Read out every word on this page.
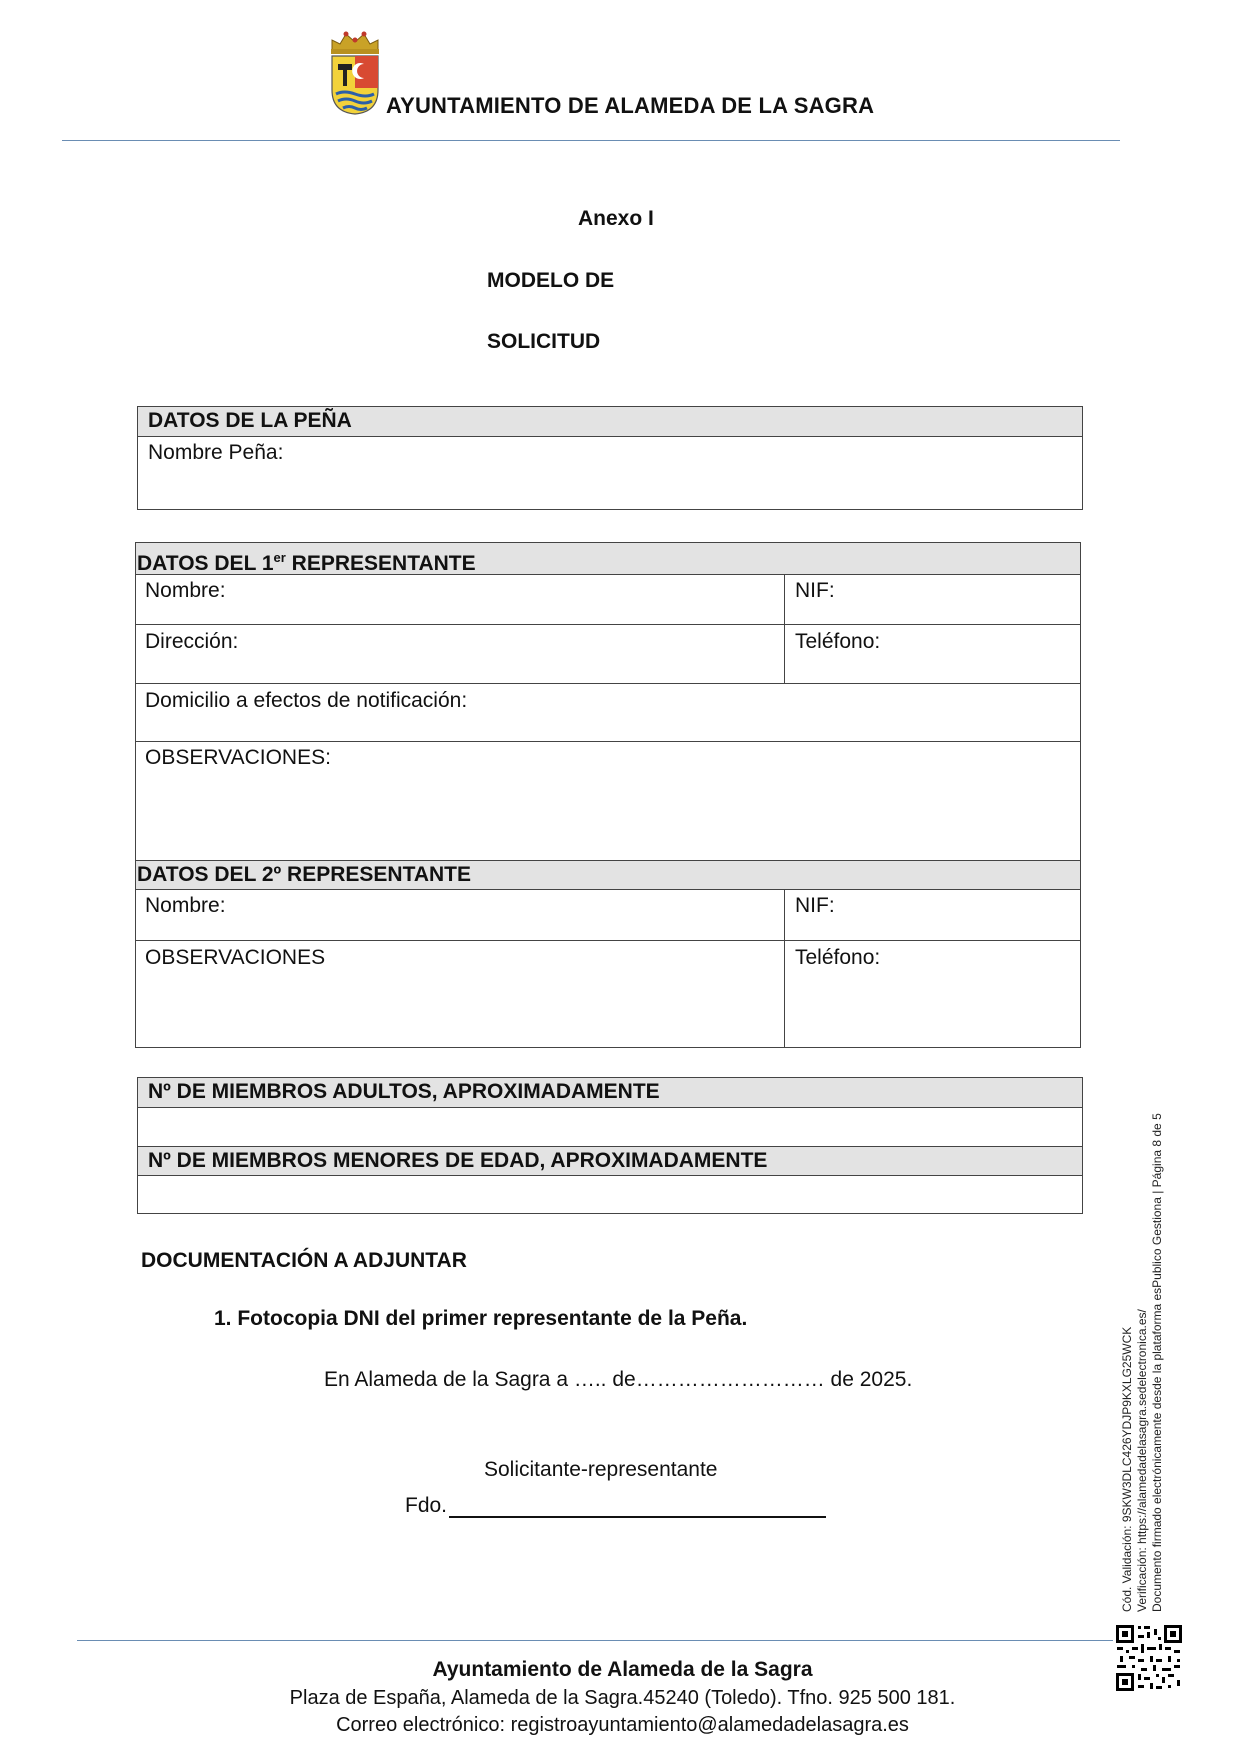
AYUNTAMIENTO DE ALAMEDA DE LA SAGRA
Anexo I
MODELO DE
SOLICITUD
DATOS DE LA PEÑA
Nombre Peña:
DATOS DEL 1er REPRESENTANTE
Nombre:	NIF:
Dirección:	Teléfono:
Domicilio a efectos de notificación:
OBSERVACIONES:
DATOS DEL 2º REPRESENTANTE
Nombre:	NIF:
OBSERVACIONES	Teléfono:
Nº DE MIEMBROS ADULTOS, APROXIMADAMENTE
Nº DE MIEMBROS MENORES DE EDAD, APROXIMADAMENTE
DOCUMENTACIÓN A ADJUNTAR
1. Fotocopia DNI del primer representante de la Peña.
En Alameda de la Sagra a ….. de……………………… de 2025.
Solicitante-representante
Fdo.	Cód. Validación: 9SKW3DLC426YDJP9KXLG25WCK Verificación: https://alamedadelasagra.sedelectronica.es/ Documento firmado electrónicamente desde la plataforma esPublico Gestiona | Página 8 de 5
Ayuntamiento de Alameda de la Sagra
Plaza de España, Alameda de la Sagra.45240 (Toledo). Tfno. 925 500 181.
Correo electrónico: registroayuntamiento@alamedadelasagra.es
